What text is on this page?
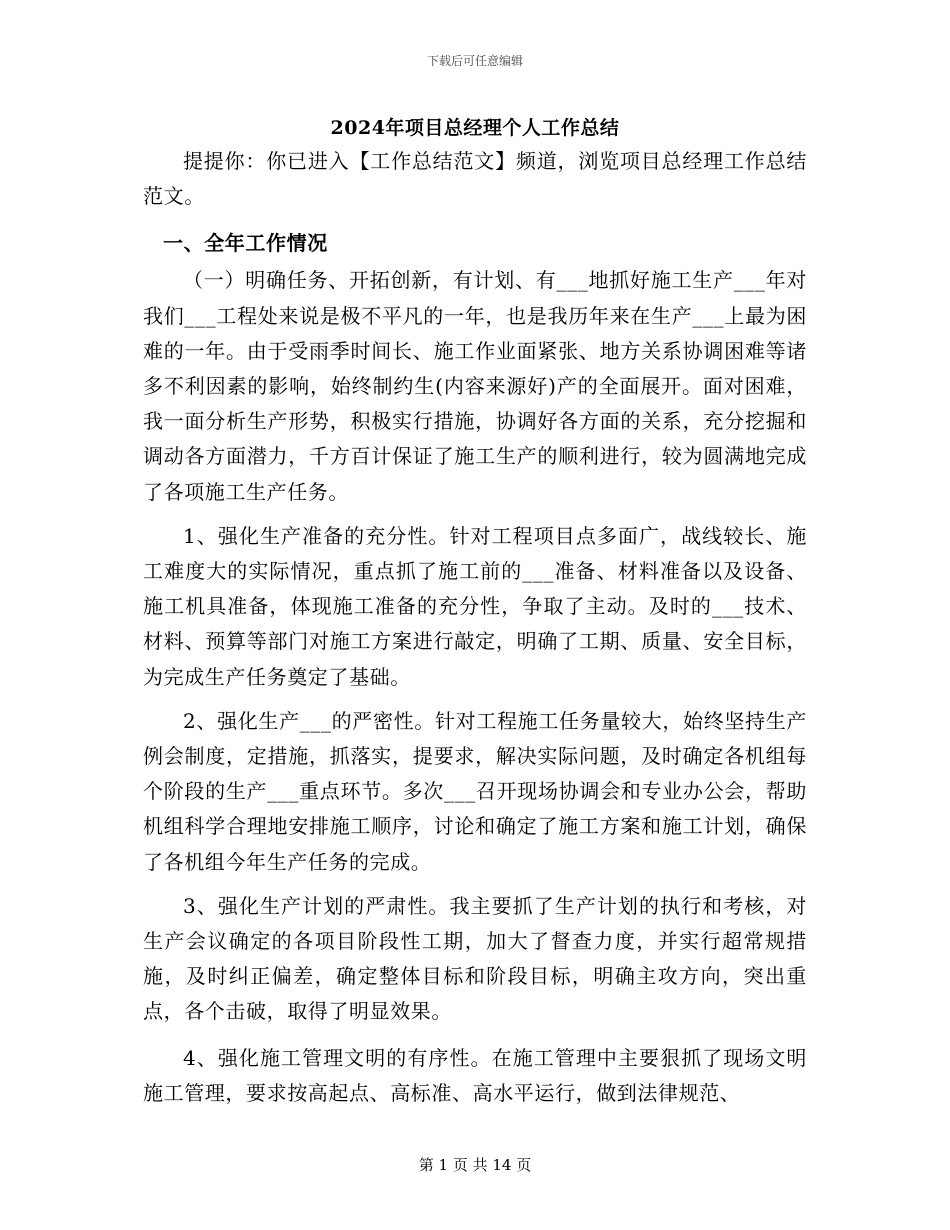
下载后可任意编辑
2024年项目总经理个人工作总结

提提你：你已进入【工作总结范文】频道，浏览项目总经理工作总结范文。

一、全年工作情况

（一）明确任务、开拓创新，有计划、有___地抓好施工生产___年对我们___工程处来说是极不平凡的一年，也是我历年来在生产___上最为困难的一年。由于受雨季时间长、施工作业面紧张、地方关系协调困难等诸多不利因素的影响，始终制约生(内容来源好)产的全面展开。面对困难，我一面分析生产形势，积极实行措施，协调好各方面的关系，充分挖掘和调动各方面潜力，千方百计保证了施工生产的顺利进行，较为圆满地完成了各项施工生产任务。

1、强化生产准备的充分性。针对工程项目点多面广，战线较长、施工难度大的实际情况，重点抓了施工前的___准备、材料准备以及设备、施工机具准备，体现施工准备的充分性，争取了主动。及时的___技术、材料、预算等部门对施工方案进行敲定，明确了工期、质量、安全目标，为完成生产任务奠定了基础。

2、强化生产___的严密性。针对工程施工任务量较大，始终坚持生产例会制度，定措施，抓落实，提要求，解决实际问题，及时确定各机组每个阶段的生产___重点环节。多次___召开现场协调会和专业办公会，帮助机组科学合理地安排施工顺序，讨论和确定了施工方案和施工计划，确保了各机组今年生产任务的完成。

3、强化生产计划的严肃性。我主要抓了生产计划的执行和考核，对生产会议确定的各项目阶段性工期，加大了督查力度，并实行超常规措施，及时纠正偏差，确定整体目标和阶段目标，明确主攻方向，突出重点，各个击破，取得了明显效果。

4、强化施工管理文明的有序性。在施工管理中主要狠抓了现场文明施工管理，要求按高起点、高标准、高水平运行，做到法律规范、

第 1 页 共 14 页
